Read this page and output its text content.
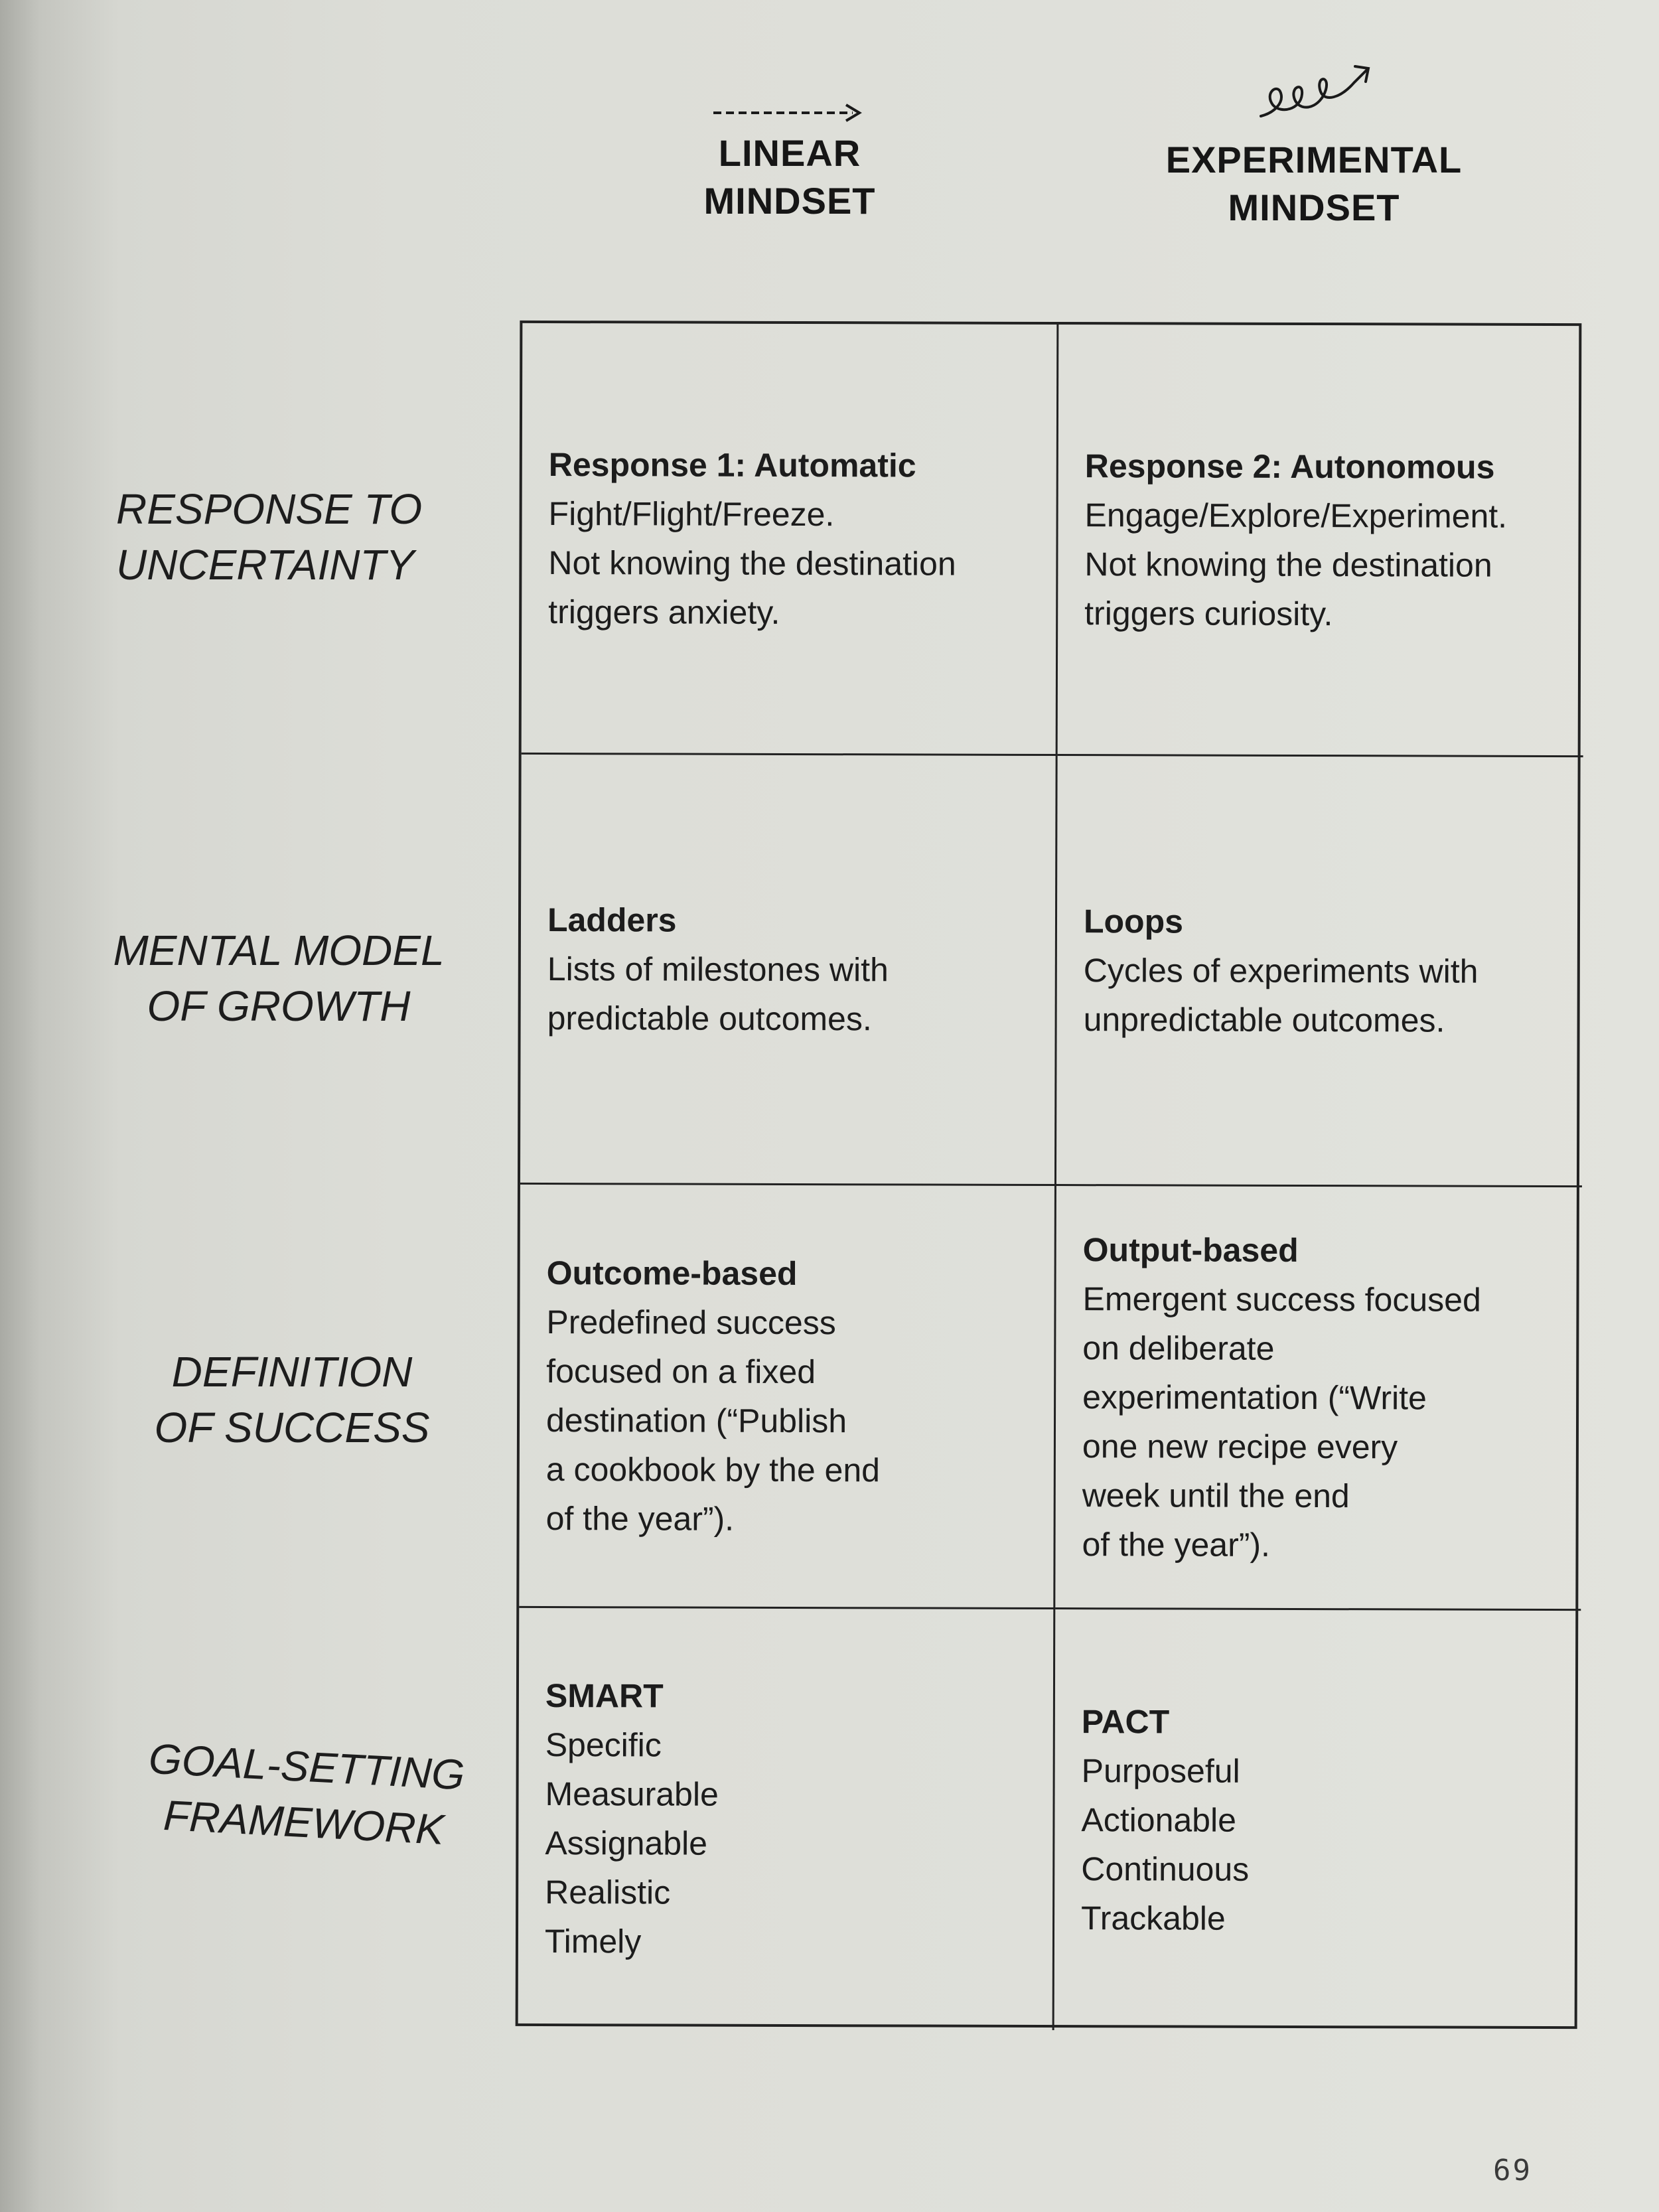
LINEAR
MINDSET
EXPERIMENTAL
MINDSET
RESPONSE TO
UNCERTAINTY
MENTAL MODEL
OF GROWTH
DEFINITION
OF SUCCESS
GOAL-SETTING
FRAMEWORK
Response 1: Automatic
Fight/Flight/Freeze.
Not knowing the destination
triggers anxiety.
Response 2: Autonomous
Engage/Explore/Experiment.
Not knowing the destination
triggers curiosity.
Ladders
Lists of milestones with
predictable outcomes.
Loops
Cycles of experiments with
unpredictable outcomes.
Outcome-based
Predefined success
focused on a fixed
destination (“Publish
a cookbook by the end
of the year”).
Output-based
Emergent success focused
on deliberate
experimentation (“Write
one new recipe every
week until the end
of the year”).
SMART
Specific
Measurable
Assignable
Realistic
Timely
PACT
Purposeful
Actionable
Continuous
Trackable
69
